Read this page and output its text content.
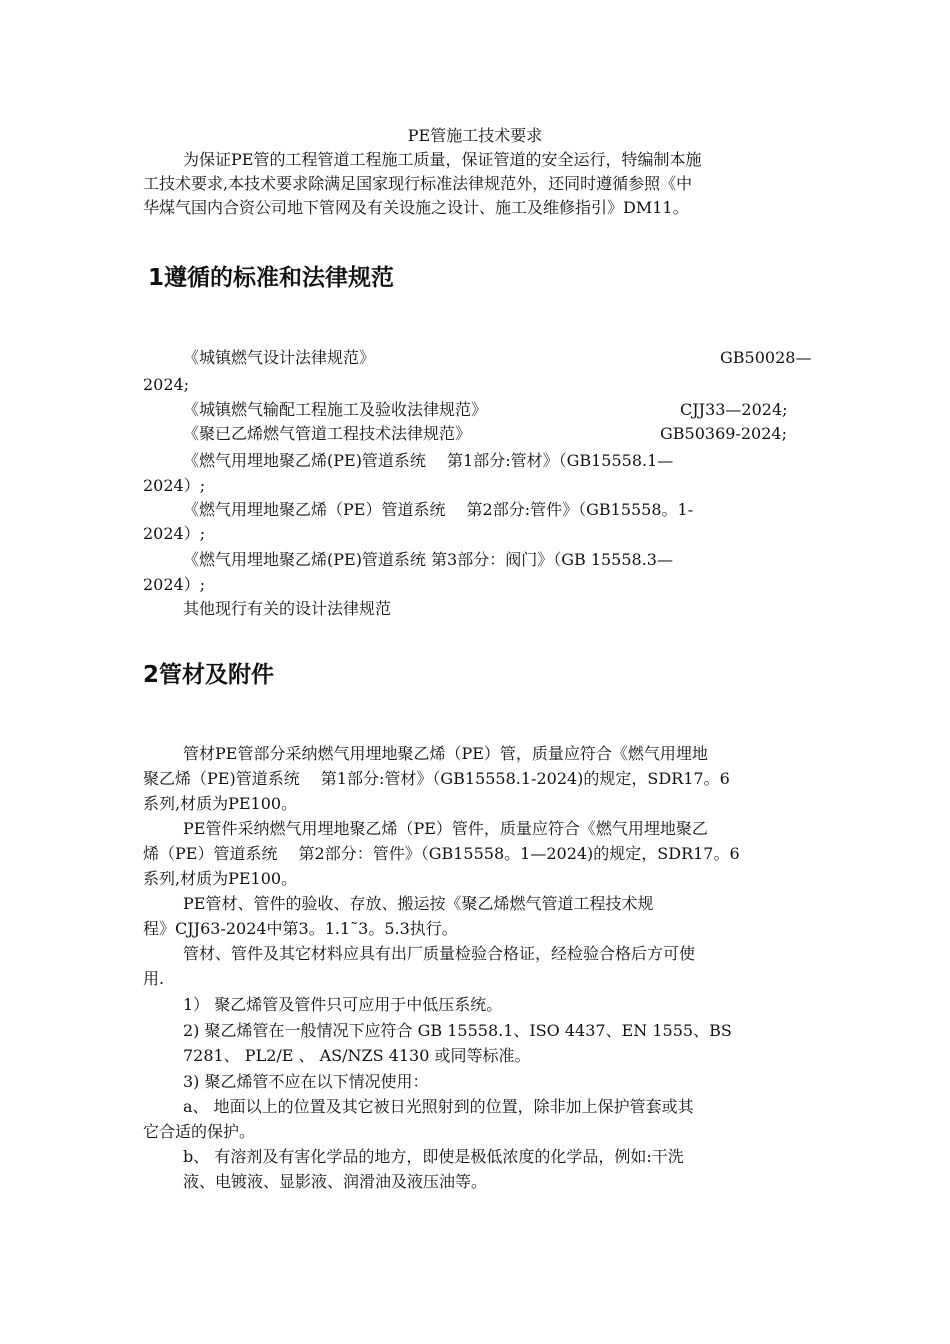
PE管施工技术要求
为保证PE管的工程管道工程施工质量，保证管道的安全运行，特编制本施
工技术要求,本技术要求除满足国家现行标准法律规范外，还同时遵循参照《中
华煤气国内合资公司地下管网及有关设施之设计、施工及维修指引》DM11。
1遵循的标准和法律规范
《城镇燃气设计法律规范》	GB50028—
2024;
《城镇燃气输配工程施工及验收法律规范》	CJJ33—2024;
《聚已乙烯燃气管道工程技术法律规范》	GB50369-2024;
《燃气用埋地聚乙烯(PE)管道系统　 第1部分:管材》（GB15558.1—
2024）;
《燃气用埋地聚乙烯（PE）管道系统　 第2部分:管件》（GB15558。1-
2024）;
《燃气用埋地聚乙烯(PE)管道系统 第3部分：阀门》（GB 15558.3—
2024）;
其他现行有关的设计法律规范
2管材及附件
管材PE管部分采纳燃气用埋地聚乙烯（PE）管，质量应符合《燃气用埋地
聚乙烯（PE)管道系统　 第1部分:管材》（GB15558.1-2024)的规定，SDR17。6
系列,材质为PE100。
PE管件采纳燃气用埋地聚乙烯（PE）管件，质量应符合《燃气用埋地聚乙
烯（PE）管道系统　 第2部分：管件》（GB15558。1—2024)的规定，SDR17。6
系列,材质为PE100。
PE管材、管件的验收、存放、搬运按《聚乙烯燃气管道工程技术规
程》CJJ63-2024中第3。1.1˜3。5.3执行。
管材、管件及其它材料应具有出厂质量检验合格证，经检验合格后方可使
用.
1） 聚乙烯管及管件只可应用于中低压系统。
2) 聚乙烯管在一般情况下应符合 GB 15558.1、ISO 4437、EN 1555、BS
7281、 PL2/E 、 AS/NZS 4130 或同等标准。
3) 聚乙烯管不应在以下情况使用：
a、 地面以上的位置及其它被日光照射到的位置，除非加上保护管套或其
它合适的保护。
b、 有溶剂及有害化学品的地方，即使是极低浓度的化学品，例如:干洗
液、电镀液、显影液、润滑油及液压油等。
